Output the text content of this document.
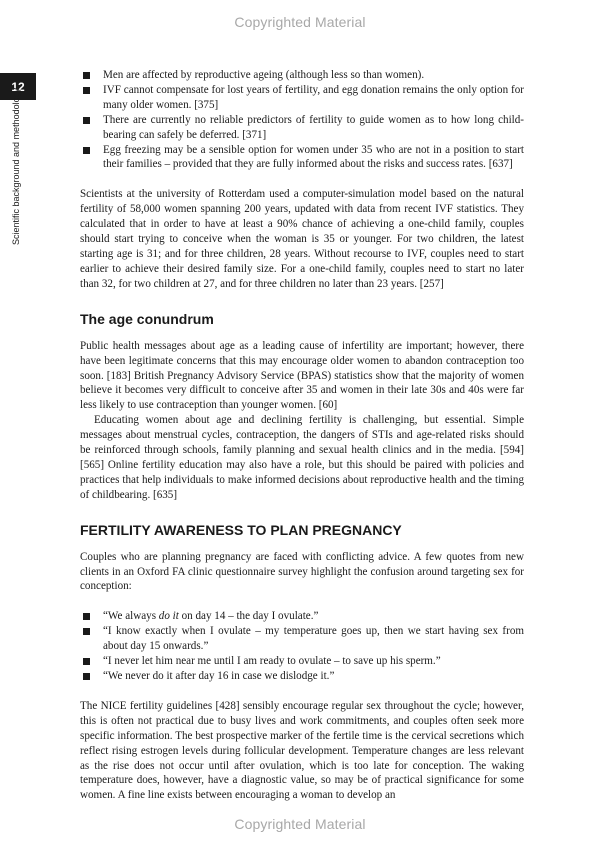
Copyrighted Material
12
Scientific background and methodology
Men are affected by reproductive ageing (although less so than women).
IVF cannot compensate for lost years of fertility, and egg donation remains the only option for many older women. [375]
There are currently no reliable predictors of fertility to guide women as to how long child-bearing can safely be deferred. [371]
Egg freezing may be a sensible option for women under 35 who are not in a position to start their families – provided that they are fully informed about the risks and success rates. [637]

Scientists at the university of Rotterdam used a computer-simulation model based on the natural fertility of 58,000 women spanning 200 years, updated with data from recent IVF statistics. They calculated that in order to have at least a 90% chance of achieving a one-child family, couples should start trying to conceive when the woman is 35 or younger. For two children, the latest starting age is 31; and for three children, 28 years. Without recourse to IVF, couples need to start earlier to achieve their desired family size. For a one-child family, couples need to start no later than 32, for two children at 27, and for three children no later than 23 years. [257]

The age conundrum

Public health messages about age as a leading cause of infertility are important; however, there have been legitimate concerns that this may encourage older women to abandon contraception too soon. [183] British Pregnancy Advisory Service (BPAS) statistics show that the majority of women believe it becomes very difficult to conceive after 35 and women in their late 30s and 40s were far less likely to use contraception than younger women. [60]

Educating women about age and declining fertility is challenging, but essential. Simple messages about menstrual cycles, contraception, the dangers of STIs and age-related risks should be reinforced through schools, family planning and sexual health clinics and in the media. [594] [565] Online fertility education may also have a role, but this should be paired with policies and practices that help individuals to make informed decisions about reproductive health and the timing of childbearing. [635]

FERTILITY AWARENESS TO PLAN PREGNANCY

Couples who are planning pregnancy are faced with conflicting advice. A few quotes from new clients in an Oxford FA clinic questionnaire survey highlight the confusion around targeting sex for conception:

“We always do it on day 14 – the day I ovulate.”
“I know exactly when I ovulate – my temperature goes up, then we start having sex from about day 15 onwards.”
“I never let him near me until I am ready to ovulate – to save up his sperm.”
“We never do it after day 16 in case we dislodge it.”

The NICE fertility guidelines [428] sensibly encourage regular sex throughout the cycle; however, this is often not practical due to busy lives and work commitments, and couples often seek more specific information. The best prospective marker of the fertile time is the cervical secretions which reflect rising estrogen levels during follicular development. Temperature changes are less relevant as the rise does not occur until after ovulation, which is too late for conception. The waking temperature does, however, have a diagnostic value, so may be of practical significance for some women. A fine line exists between encouraging a woman to develop an

Copyrighted Material
